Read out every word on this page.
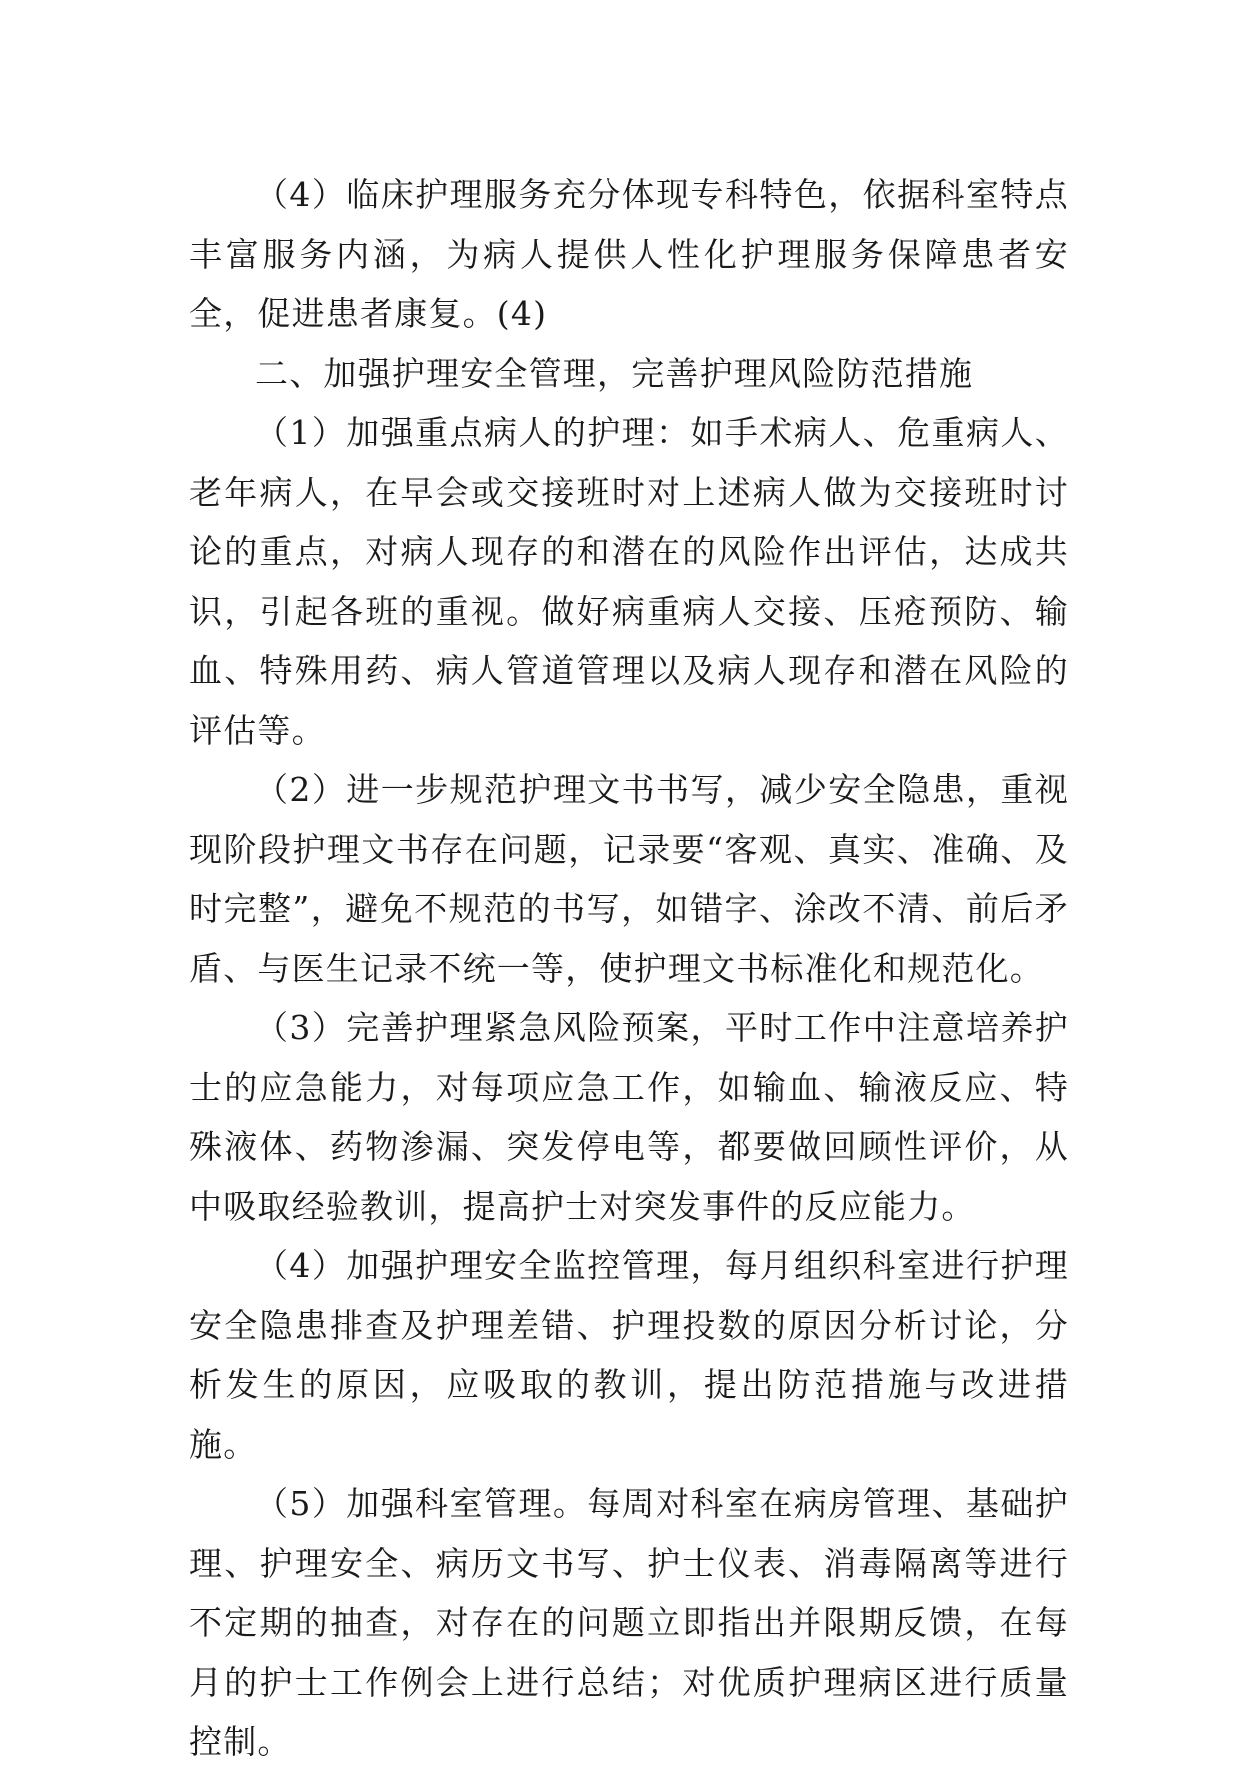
（4）临床护理服务充分体现专科特色，依据科室特点丰富服务内涵，为病人提供人性化护理服务保障患者安全，促进患者康复。(4)

二、加强护理安全管理，完善护理风险防范措施

（1）加强重点病人的护理：如手术病人、危重病人、老年病人，在早会或交接班时对上述病人做为交接班时讨论的重点，对病人现存的和潜在的风险作出评估，达成共识，引起各班的重视。做好病重病人交接、压疮预防、输血、特殊用药、病人管道管理以及病人现存和潜在风险的评估等。

（2）进一步规范护理文书书写，减少安全隐患，重视现阶段护理文书存在问题，记录要“客观、真实、准确、及时完整”，避免不规范的书写，如错字、涂改不清、前后矛盾、与医生记录不统一等，使护理文书标准化和规范化。

（3）完善护理紧急风险预案，平时工作中注意培养护士的应急能力，对每项应急工作，如输血、输液反应、特殊液体、药物渗漏、突发停电等，都要做回顾性评价，从中吸取经验教训，提高护士对突发事件的反应能力。

（4）加强护理安全监控管理，每月组织科室进行护理安全隐患排查及护理差错、护理投数的原因分析讨论，分析发生的原因，应吸取的教训，提出防范措施与改进措施。

（5）加强科室管理。每周对科室在病房管理、基础护理、护理安全、病历文书写、护士仪表、消毒隔离等进行不定期的抽查，对存在的问题立即指出并限期反馈，在每月的护士工作例会上进行总结；对优质护理病区进行质量控制。
